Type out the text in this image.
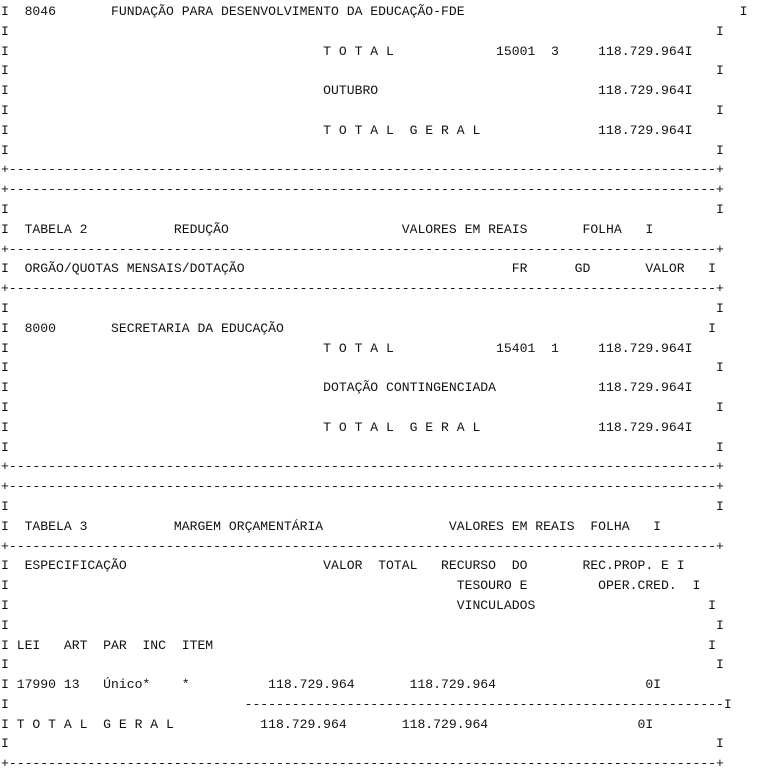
I  8046       FUNDAÇÃO PARA DESENVOLVIMENTO DA EDUCAÇÃO-FDE                                   I
I                                                                                          I
I                                        T O T A L             15001  3     118.729.964I
I                                                                                          I
I                                        OUTUBRO                            118.729.964I
I                                                                                          I
I                                        T O T A L  G E R A L               118.729.964I
I                                                                                          I
+------------------------------------------------------------------------------------------+
+------------------------------------------------------------------------------------------+
I                                                                                          I
I  TABELA 2           REDUÇÃO                      VALORES EM REAIS       FOLHA   I
+------------------------------------------------------------------------------------------+
I  ORGÃO/QUOTAS MENSAIS/DOTAÇÃO                                  FR      GD       VALOR   I
+------------------------------------------------------------------------------------------+
I                                                                                          I
I  8000       SECRETARIA DA EDUCAÇÃO                                                      I
I                                        T O T A L             15401  1     118.729.964I
I                                                                                          I
I                                        DOTAÇÃO CONTINGENCIADA             118.729.964I
I                                                                                          I
I                                        T O T A L  G E R A L               118.729.964I
I                                                                                          I
+------------------------------------------------------------------------------------------+
+------------------------------------------------------------------------------------------+
I                                                                                          I
I  TABELA 3           MARGEM ORÇAMENTÁRIA                VALORES EM REAIS  FOLHA   I
+------------------------------------------------------------------------------------------+
I  ESPECIFICAÇÃO                         VALOR  TOTAL   RECURSO  DO       REC.PROP. E I
I                                                         TESOURO E         OPER.CRED.  I
I                                                         VINCULADOS                      I
I                                                                                          I
I LEI   ART  PAR  INC  ITEM                                                               I
I                                                                                          I
I 17990 13   Único*    *          118.729.964       118.729.964                   0I
I                              -------------------------------------------------------------I
I T O T A L  G E R A L           118.729.964       118.729.964                   0I
I                                                                                          I
+------------------------------------------------------------------------------------------+
